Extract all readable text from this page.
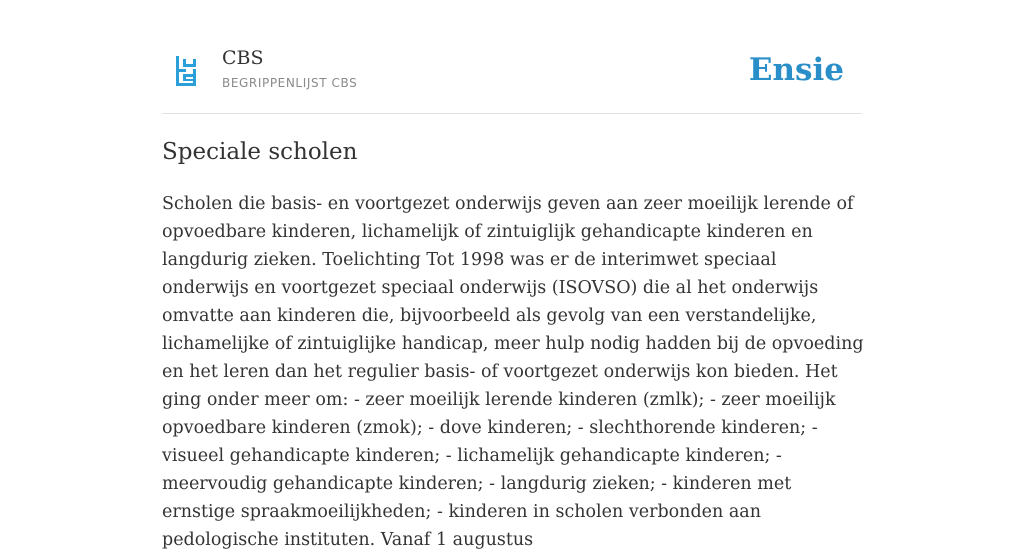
CBS
BEGRIPPENLIJST CBS	Ensie
Speciale scholen

Scholen die basis- en voortgezet onderwijs geven aan zeer moeilijk lerende of opvoedbare kinderen, lichamelijk of zintuiglijk gehandicapte kinderen en langdurig zieken. Toelichting Tot 1998 was er de interimwet speciaal onderwijs en voortgezet speciaal onderwijs (ISOVSO) die al het onderwijs omvatte aan kinderen die, bijvoorbeeld als gevolg van een verstandelijke, lichamelijke of zintuiglijke handicap, meer hulp nodig hadden bij de opvoeding en het leren dan het regulier basis- of voortgezet onderwijs kon bieden. Het ging onder meer om: - zeer moeilijk lerende kinderen (zmlk); - zeer moeilijk opvoedbare kinderen (zmok); - dove kinderen; - slechthorende kinderen; - visueel gehandicapte kinderen; - lichamelijk gehandicapte kinderen; - meervoudig gehandicapte kinderen; - langdurig zieken; - kinderen met ernstige spraakmoeilijkheden; - kinderen in scholen verbonden aan pedologische instituten. Vanaf 1 augustus
